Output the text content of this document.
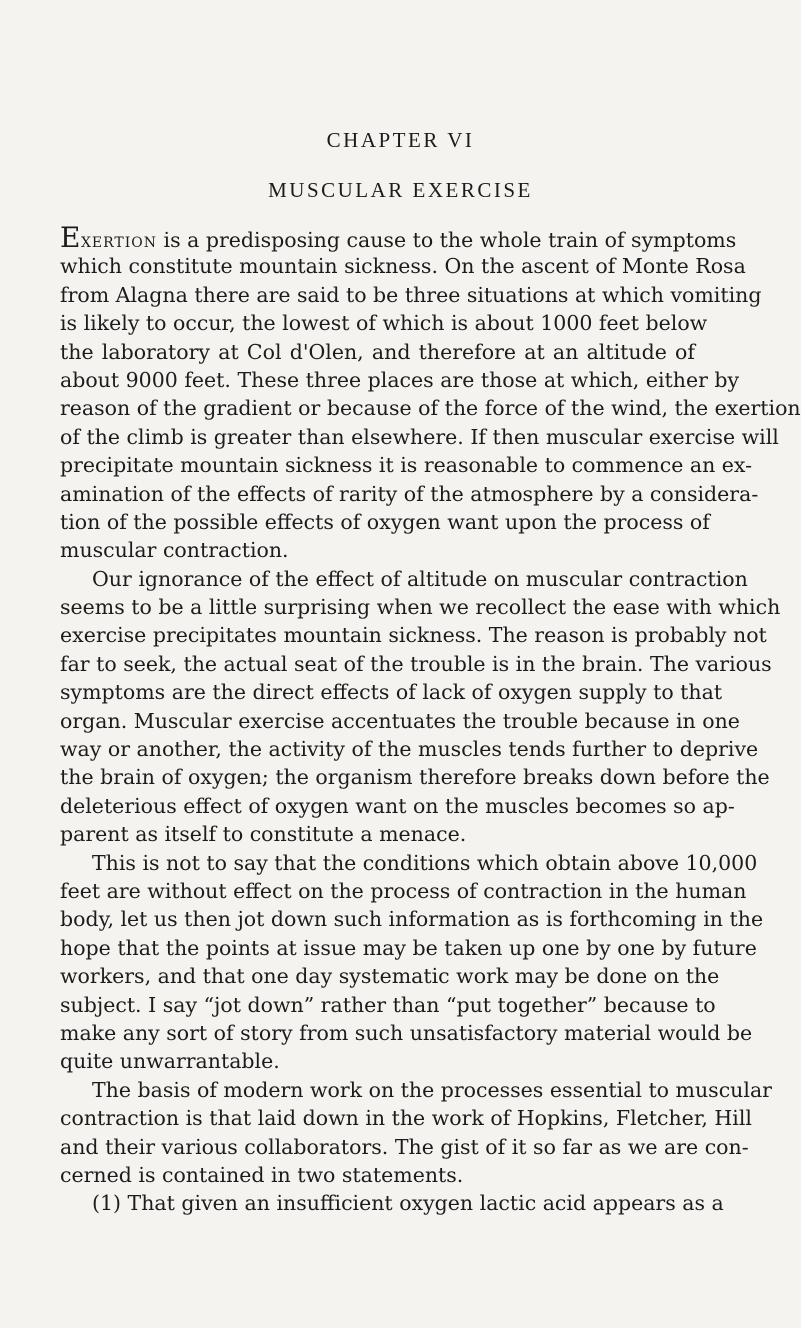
CHAPTER VI
MUSCULAR EXERCISE
Exertion is a predisposing cause to the whole train of symptoms
which constitute mountain sickness. On the ascent of Monte Rosa
from Alagna there are said to be three situations at which vomiting
is likely to occur, the lowest of which is about 1000 feet below
the laboratory at Col d'Olen, and therefore at an altitude of
about 9000 feet. These three places are those at which, either by
reason of the gradient or because of the force of the wind, the exertion
of the climb is greater than elsewhere. If then muscular exercise will
precipitate mountain sickness it is reasonable to commence an ex-
amination of the effects of rarity of the atmosphere by a considera-
tion of the possible effects of oxygen want upon the process of
muscular contraction.
Our ignorance of the effect of altitude on muscular contraction
seems to be a little surprising when we recollect the ease with which
exercise precipitates mountain sickness. The reason is probably not
far to seek, the actual seat of the trouble is in the brain. The various
symptoms are the direct effects of lack of oxygen supply to that
organ. Muscular exercise accentuates the trouble because in one
way or another, the activity of the muscles tends further to deprive
the brain of oxygen; the organism therefore breaks down before the
deleterious effect of oxygen want on the muscles becomes so ap-
parent as itself to constitute a menace.
This is not to say that the conditions which obtain above 10,000
feet are without effect on the process of contraction in the human
body, let us then jot down such information as is forthcoming in the
hope that the points at issue may be taken up one by one by future
workers, and that one day systematic work may be done on the
subject. I say “jot down” rather than “put together” because to
make any sort of story from such unsatisfactory material would be
quite unwarrantable.
The basis of modern work on the processes essential to muscular
contraction is that laid down in the work of Hopkins, Fletcher, Hill
and their various collaborators. The gist of it so far as we are con-
cerned is contained in two statements.
(1) That given an insufficient oxygen lactic acid appears as a
